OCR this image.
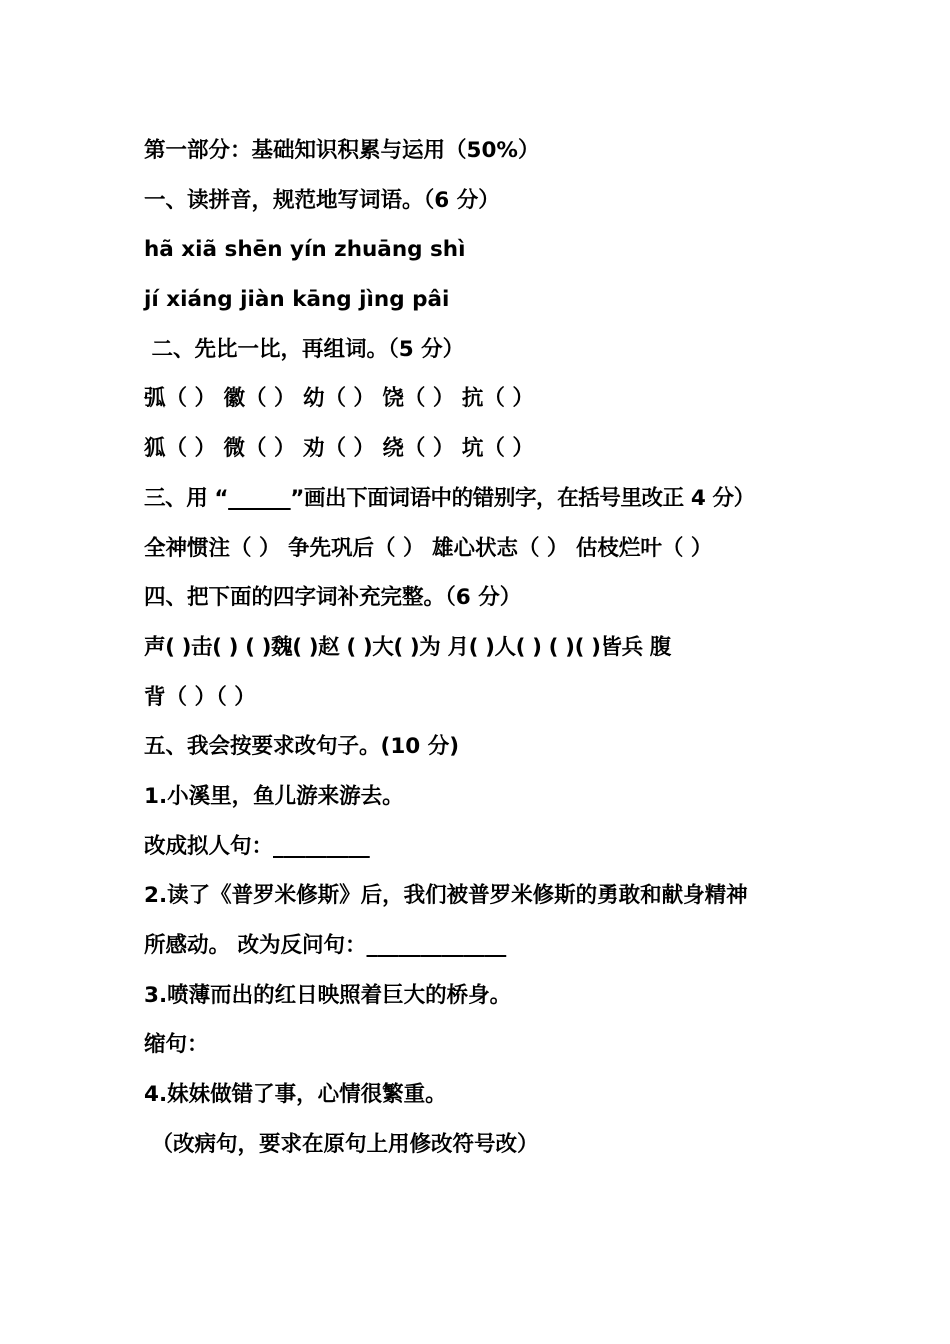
第一部分：基础知识积累与运用（50%）
一、读拼音，规范地写词语。（6 分）
hã xiã shēn yín zhuāng shì
jí xiáng jiàn kāng jìng pâi
二、先比一比，再组词。（5 分）
弧（ ） 徽（ ） 幼（ ） 饶（ ） 抗（ ）
狐（ ） 微（ ） 劝（ ） 绕（ ） 坑（ ）
三、用 “______”画出下面词语中的错别字，在括号里改正 4 分）
全神惯注（ ） 争先巩后（ ） 雄心状志（ ） 估枝烂叶（ ）
四、把下面的四字词补充完整。（6 分）
声( )击( ) ( )魏( )赵 ( )大( )为 月( )人( ) ( )( )皆兵 腹
背（ ）（ ）
五、我会按要求改句子。(10 分)
1.小溪里，鱼儿游来游去。
改成拟人句：_________
2.读了《普罗米修斯》后，我们被普罗米修斯的勇敢和献身精神
所感动。 改为反问句：_____________
3.喷薄而出的红日映照着巨大的桥身。
缩句：
4.妹妹做错了事，心情很繁重。
（改病句，要求在原句上用修改符号改）
